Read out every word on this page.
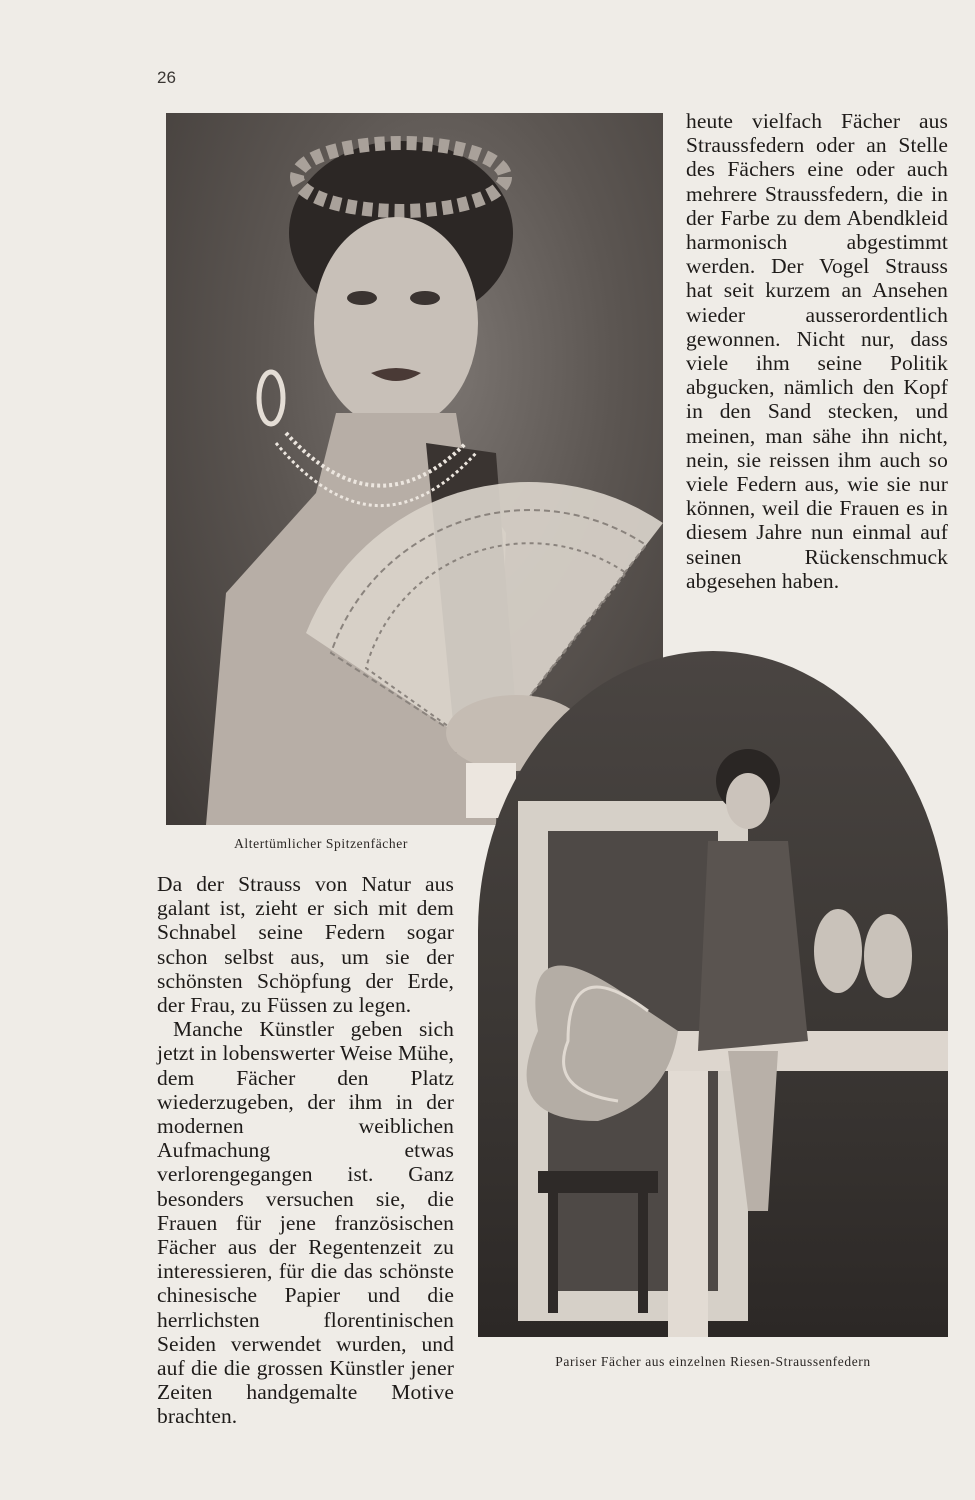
26

heute vielfach Fächer aus Straussfedern oder an Stelle des Fächers eine oder auch mehrere Straussfedern, die in der Farbe zu dem Abendkleid harmonisch abgestimmt werden. Der Vogel Strauss hat seit kurzem an Ansehen wieder ausserordentlich gewonnen. Nicht nur, dass viele ihm seine Politik abgucken, nämlich den Kopf in den Sand stecken, und meinen, man sähe ihn nicht, nein, sie reissen ihm auch so viele Federn aus, wie sie nur können, weil die Frauen es in diesem Jahre nun einmal auf seinen Rückenschmuck abgesehen haben.

Altertümlicher Spitzenfächer

Da der Strauss von Natur aus galant ist, zieht er sich mit dem Schnabel seine Federn sogar schon selbst aus, um sie der schönsten Schöpfung der Erde, der Frau, zu Füssen zu legen.

Manche Künstler geben sich jetzt in lobenswerter Weise Mühe, dem Fächer den Platz wiederzugeben, der ihm in der modernen weiblichen Aufmachung etwas verlorengegangen ist. Ganz besonders versuchen sie, die Frauen für jene französischen Fächer aus der Regentenzeit zu interessieren, für die das schönste chinesische Papier und die herrlichsten florentinischen Seiden verwendet wurden, und auf die die grossen Künstler jener Zeiten handgemalte Motive brachten.

Pariser Fächer aus einzelnen Riesen-Straussenfedern
